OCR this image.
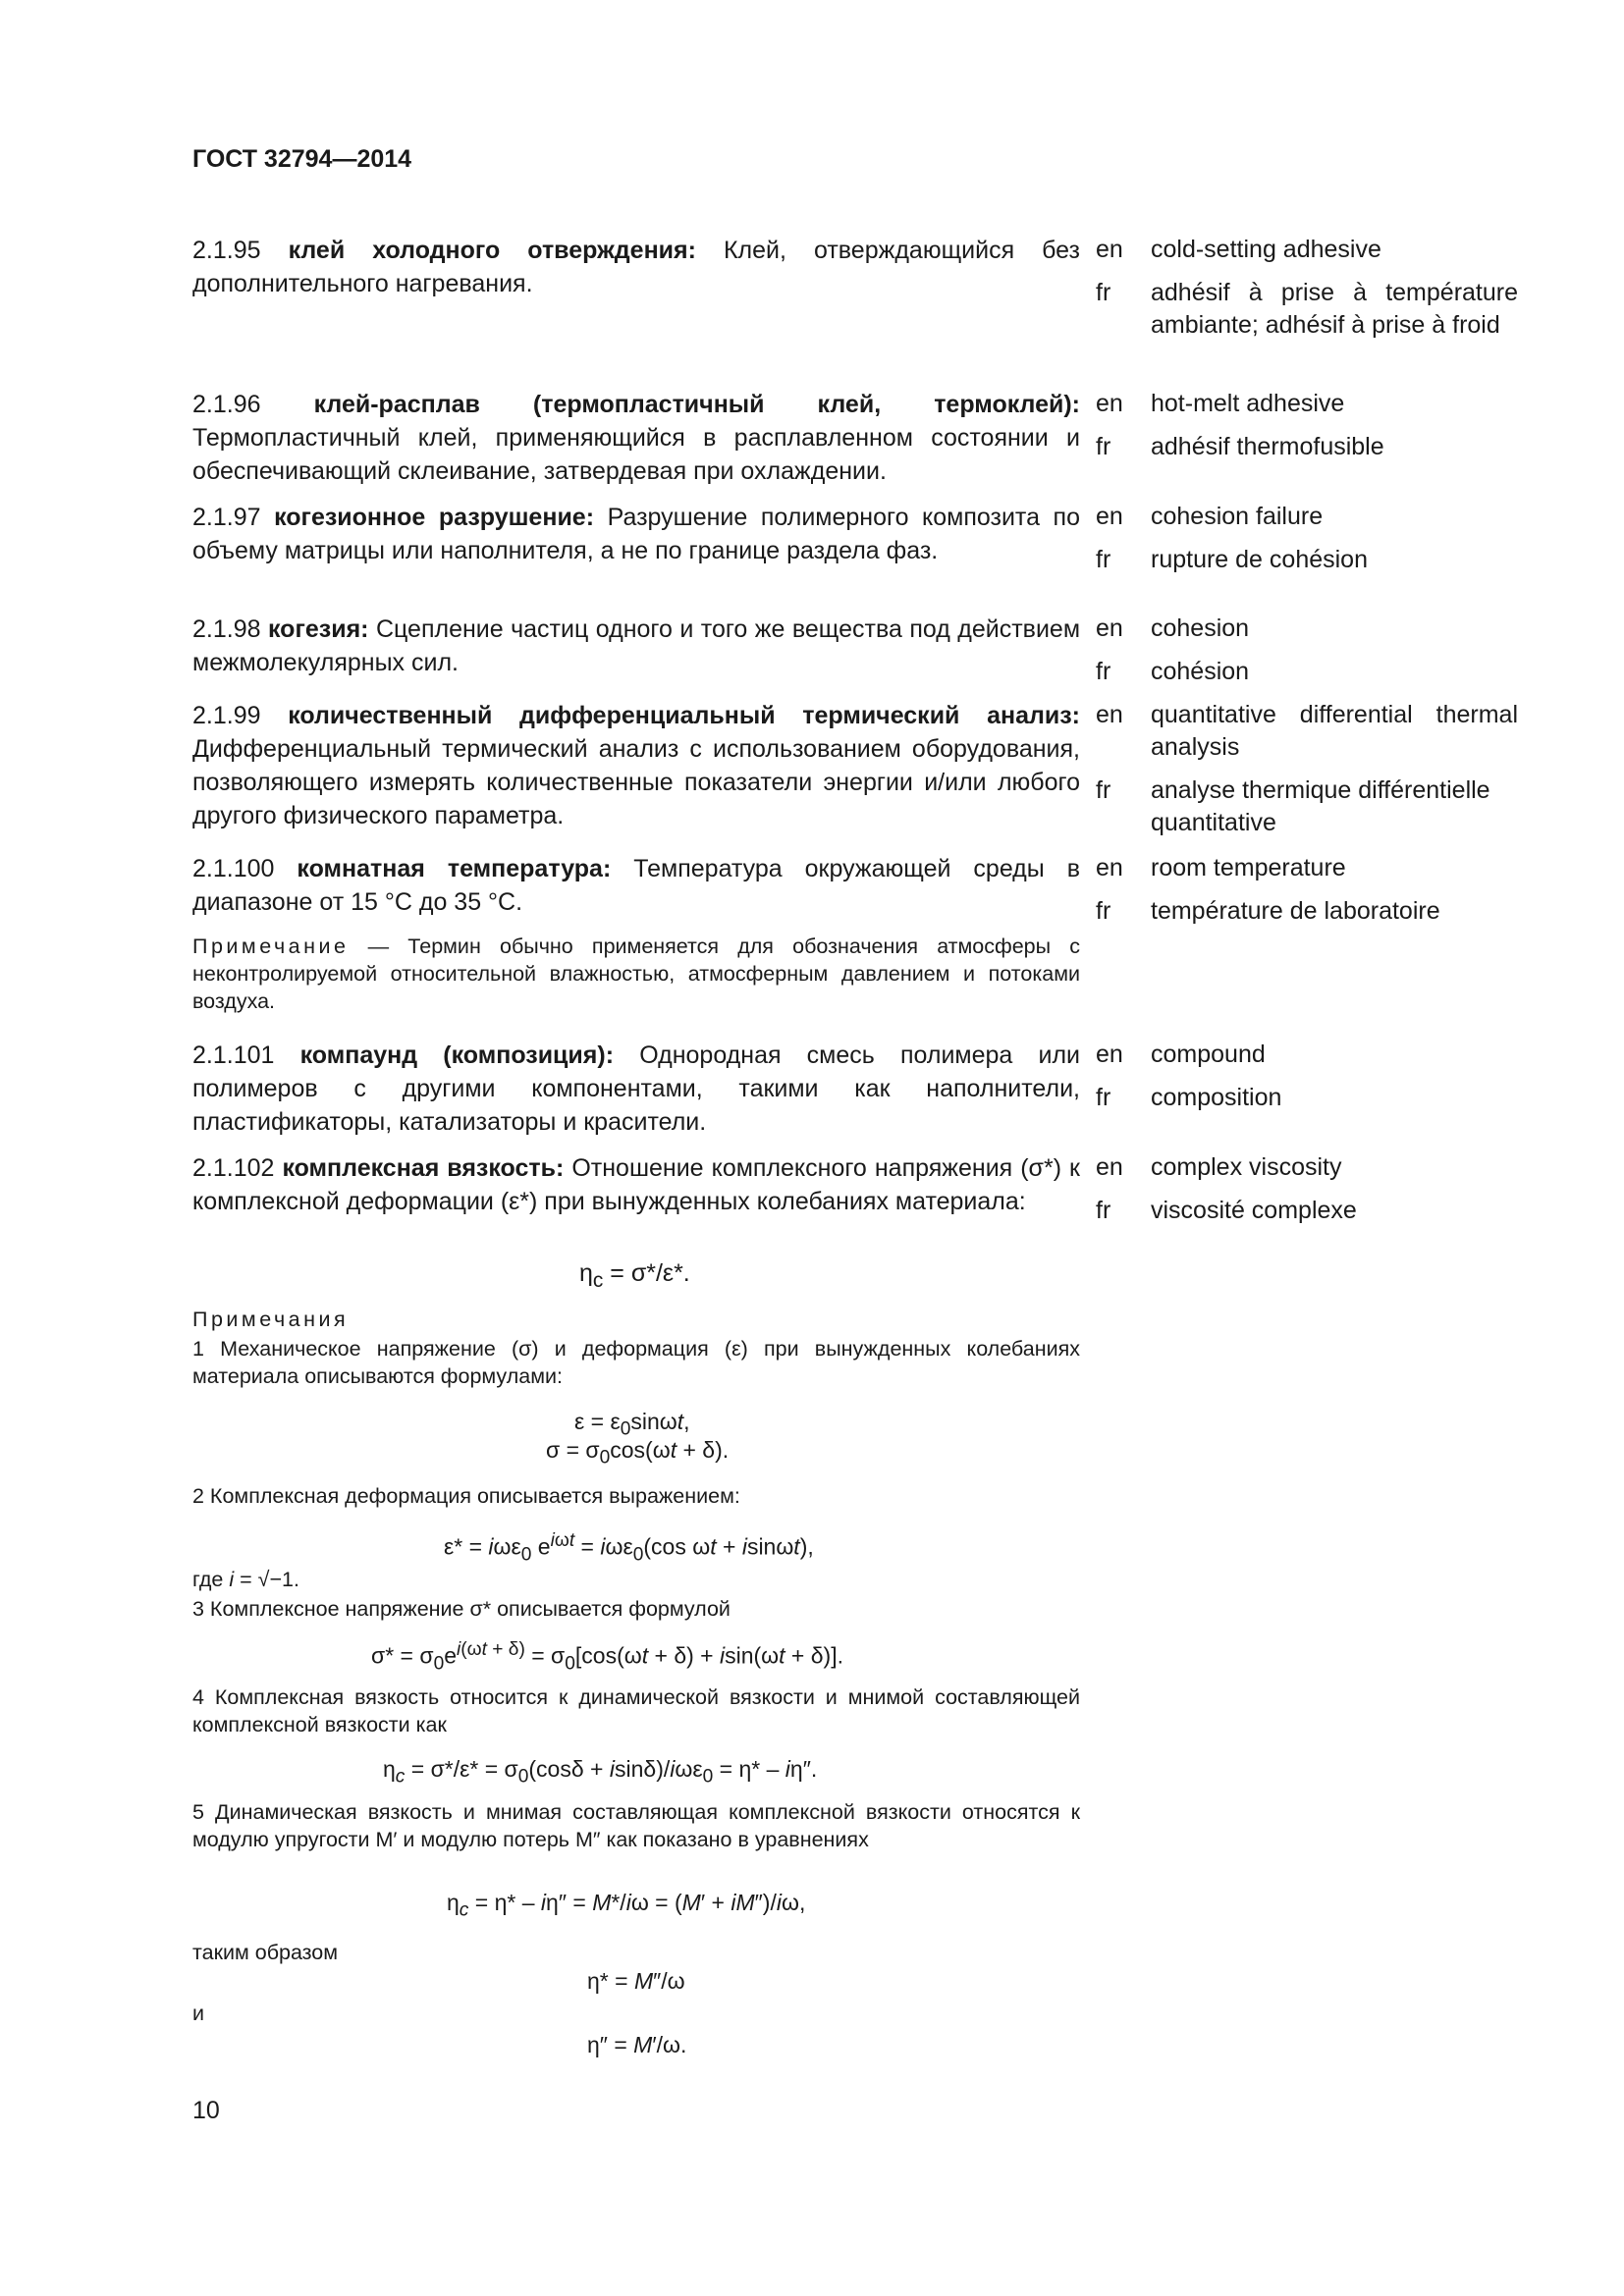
ГОСТ 32794—2014
2.1.95 клей холодного отверждения: Клей, отверждающийся без дополнительного нагревания.
en cold-setting adhesive
fr adhésif à prise à température ambiante; adhésif à prise à froid
2.1.96 клей-расплав (термопластичный клей, термоклей): Термопластичный клей, применяющийся в расплавленном состоянии и обеспечивающий склеивание, затвердевая при охлаждении.
en hot-melt adhesive
fr adhésif thermofusible
2.1.97 когезионное разрушение: Разрушение полимерного композита по объему матрицы или наполнителя, а не по границе раздела фаз.
en cohesion failure
fr rupture de cohésion
2.1.98 когезия: Сцепление частиц одного и того же вещества под действием межмолекулярных сил.
en cohesion
fr cohésion
2.1.99 количественный дифференциальный термический анализ: Дифференциальный термический анализ с использованием оборудования, позволяющего измерять количественные показатели энергии и/или любого другого физического параметра.
en quantitative differential thermal analysis
fr analyse thermique différentielle quantitative
2.1.100 комнатная температура: Температура окружающей среды в диапазоне от 15 °С до 35 °С.
en room temperature
fr température de laboratoire
Примечание — Термин обычно применяется для обозначения атмосферы с неконтролируемой относительной влажностью, атмосферным давлением и потоками воздуха.
2.1.101 компаунд (композиция): Однородная смесь полимера или полимеров с другими компонентами, такими как наполнители, пластификаторы, катализаторы и красители.
en compound
fr composition
2.1.102 комплексная вязкость: Отношение комплексного напряжения (σ*) к комплексной деформации (ε*) при вынужденных колебаниях материала:
en complex viscosity
fr viscosité complexe
$\eta_c = \sigma*/\varepsilon*$.
Примечания
1 Механическое напряжение (σ) и деформация (ε) при вынужденных колебаниях материала описываются формулами:
$\varepsilon = \varepsilon_0\sin\omega t$,
$\sigma = \sigma_0\cos(\omega t + \delta)$.
2 Комплексная деформация описывается выражением:
ε* = iωε$_0$ $e^{i\omega t} = i\omega\varepsilon_0(\cos$ ωt + isinωt),
где i = √−1.
3 Комплексное напряжение σ* описывается формулой
$\sigma* = \sigma_0e^{i(\omega t + \delta)} = \sigma_0[\cos(\omega t + \delta) + isin(\omega t + \delta)]$.
4 Комплексная вязкость относится к динамической вязкости и мнимой составляющей комплексной вязкости как
$\eta_c = \sigma*/\varepsilon* = \sigma_0(\cos\delta + isin\delta)/i\omega\varepsilon_0 = \eta* - i\eta''$.
5 Динамическая вязкость и мнимая составляющая комплексной вязкости относятся к модулю упругости M′ и модулю потерь M″ как показано в уравнениях
$\eta_c = \eta* - i\eta'' = M*/i\omega = (M' + iM'')/i\omega$,
таким образом
η* = M″/ω
и
η″ = M′/ω.
10
